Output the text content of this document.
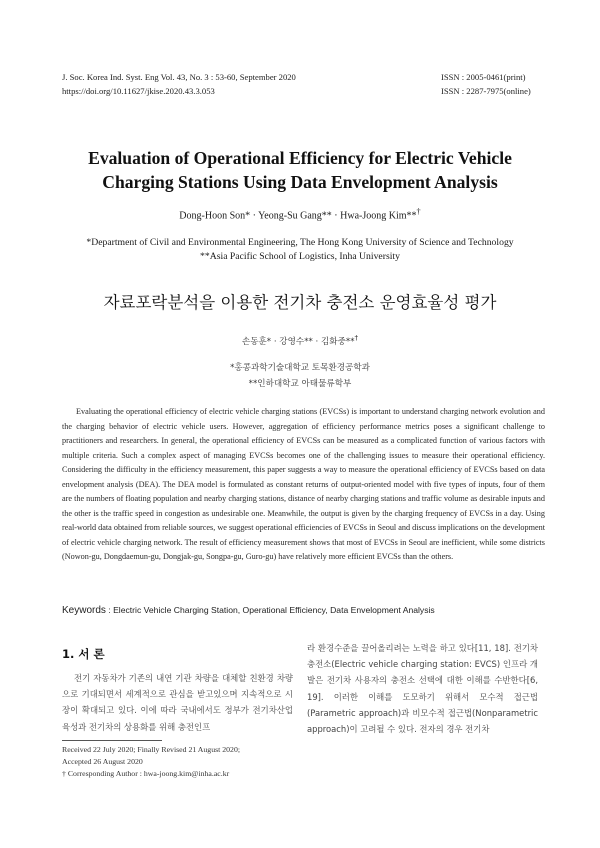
J. Soc. Korea Ind. Syst. Eng Vol. 43, No. 3 : 53-60, September 2020
https://doi.org/10.11627/jkise.2020.43.3.053
ISSN : 2005-0461(print)
ISSN : 2287-7975(online)
Evaluation of Operational Efficiency for Electric Vehicle
Charging Stations Using Data Envelopment Analysis
Dong-Hoon Son* · Yeong-Su Gang** · Hwa-Joong Kim**†
*Department of Civil and Environmental Engineering, The Hong Kong University of Science and Technology
**Asia Pacific School of Logistics, Inha University
자료포락분석을 이용한 전기차 충전소 운영효율성 평가
손동훈* · 강영수** · 김화중**†
*홍콩과학기술대학교 토목환경공학과
**인하대학교 아태물류학부
Evaluating the operational efficiency of electric vehicle charging stations (EVCSs) is important to understand charging network evolution and the charging behavior of electric vehicle users. However, aggregation of efficiency performance metrics poses a significant challenge to practitioners and researchers. In general, the operational efficiency of EVCSs can be measured as a complicated function of various factors with multiple criteria. Such a complex aspect of managing EVCSs becomes one of the challenging issues to measure their operational efficiency. Considering the difficulty in the efficiency measurement, this paper suggests a way to measure the operational efficiency of EVCSs based on data envelopment analysis (DEA). The DEA model is formulated as constant returns of output-oriented model with five types of inputs, four of them are the numbers of floating population and nearby charging stations, distance of nearby charging stations and traffic volume as desirable inputs and the other is the traffic speed in congestion as undesirable one. Meanwhile, the output is given by the charging frequency of EVCSs in a day. Using real-world data obtained from reliable sources, we suggest operational efficiencies of EVCSs in Seoul and discuss implications on the development of electric vehicle charging network. The result of efficiency measurement shows that most of EVCSs in Seoul are inefficient, while some districts (Nowon-gu, Dongdaemun-gu, Dongjak-gu, Songpa-gu, Guro-gu) have relatively more efficient EVCSs than the others.
Keywords : Electric Vehicle Charging Station, Operational Efficiency, Data Envelopment Analysis
1. 서 론
전기 자동차가 기존의 내연 기관 차량을 대체할 친환경 차량으로 기대되면서 세계적으로 관심을 받고있으며 지속적으로 시장이 확대되고 있다. 이에 따라 국내에서도 정부가 전기차산업 육성과 전기차의 상용화를 위해 충전인프
라 환경수준을 끌어올리려는 노력을 하고 있다[11, 18]. 전기차 충전소(Electric vehicle charging station: EVCS) 인프라 개발은 전기차 사용자의 충전소 선택에 대한 이해를 수반한다[6, 19]. 이러한 이해를 도모하기 위해서 모수적 접근법(Parametric approach)과 비모수적 접근법(Nonparametric approach)이 고려될 수 있다. 전자의 경우 전기차
Received 22 July 2020; Finally Revised 21 August 2020;
Accepted 26 August 2020
† Corresponding Author : hwa-joong.kim@inha.ac.kr
